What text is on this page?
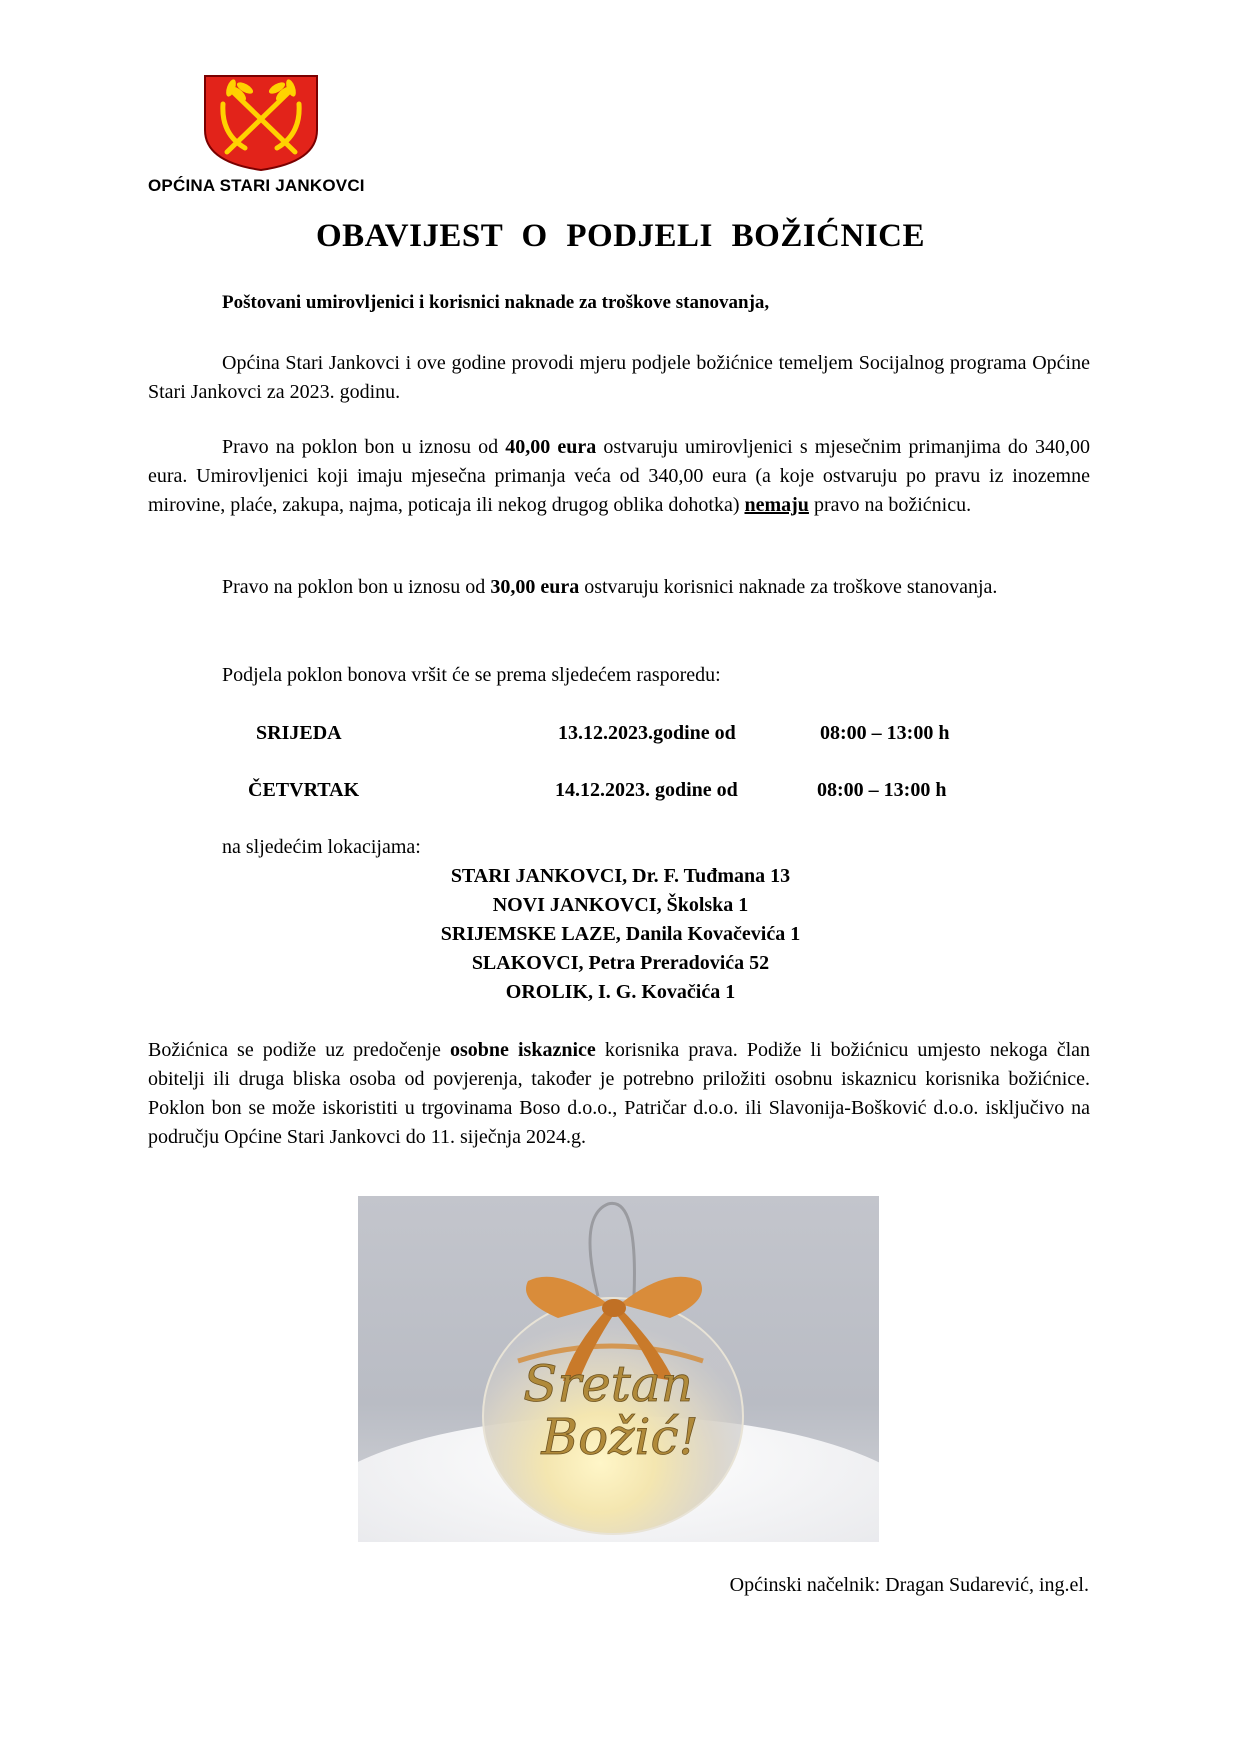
OPĆINA STARI JANKOVCI
OBAVIJEST O PODJELI BOŽIĆNICE
Poštovani umirovljenici i korisnici naknade za troškove stanovanja,

Općina Stari Jankovci i ove godine provodi mjeru podjele božićnice temeljem Socijalnog programa Općine Stari Jankovci za 2023. godinu.

Pravo na poklon bon u iznosu od 40,00 eura ostvaruju umirovljenici s mjesečnim primanjima do 340,00 eura. Umirovljenici koji imaju mjesečna primanja veća od 340,00 eura (a koje ostvaruju po pravu iz inozemne mirovine, plaće, zakupa, najma, poticaja ili nekog drugog oblika dohotka) nemaju pravo na božićnicu.

Pravo na poklon bon u iznosu od 30,00 eura ostvaruju korisnici naknade za troškove stanovanja.

Podjela poklon bonova vršit će se prema sljedećem rasporedu:

SRIJEDA	13.12.2023.godine od	08:00 – 13:00 h
ČETVRTAK	14.12.2023. godine od	08:00 – 13:00 h
na sljedećim lokacijama:
STARI JANKOVCI, Dr. F. Tuđmana 13
NOVI JANKOVCI, Školska 1
SRIJEMSKE LAZE, Danila Kovačevića 1
SLAKOVCI, Petra Preradovića 52
OROLIK, I. G. Kovačića 1

Božićnica se podiže uz predočenje osobne iskaznice korisnika prava. Podiže li božićnicu umjesto nekoga član obitelji ili druga bliska osoba od povjerenja, također je potrebno priložiti osobnu iskaznicu korisnika božićnice. Poklon bon se može iskoristiti u trgovinama Boso d.o.o., Patričar d.o.o. ili Slavonija-Bošković d.o.o. isključivo na području Općine Stari Jankovci do 11. siječnja 2024.g.

Sretan
Božić!
Općinski načelnik: Dragan Sudarević, ing.el.
